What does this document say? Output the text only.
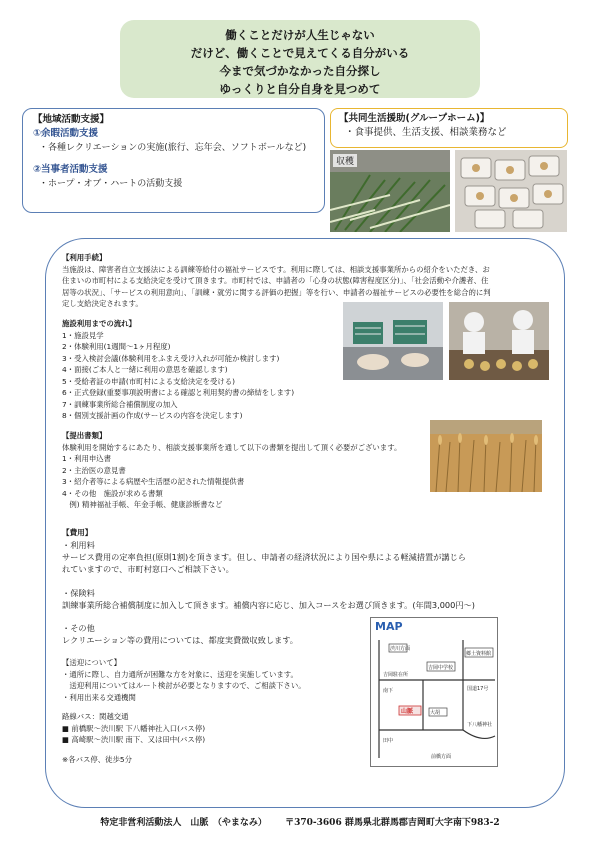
働くことだけが人生じゃない
だけど、働くことで見えてくる自分がいる
今まで気づかなかった自分探し
ゆっくりと自分自身を見つめて
【地域活動支援】
①余暇活動支援
・各種レクリエーションの実施(旅行、忘年会、ソフトボールなど)
②当事者活動支援
・ホープ・オブ・ハートの活動支援
【共同生活援助(グループホーム)】
・食事提供、生活支援、相談業務など
収穫
【利用手続】
当施設は、障害者自立支援法による訓練等給付の福祉サービスです。利用に際しては、相談支援事業所からの紹介をいただき、お
住まいの市町村による支給決定を受けて頂きます。市町村では、申請者の「心身の状態(障害程度区分)」、「社会活動や介護者、住
居等の状況」、「サービスの利用意向」、「訓練・就労に関する評価の把握」等を行い、申請者の福祉サービスの必要性を総合的に判
定し支給決定されます。
施設利用までの流れ】
1・施設見学
2・体験利用(1週間～1ヶ月程度)
3・受入検討会議(体験利用をふまえ受け入れが可能か検討します)
4・面接(ご本人と一緒に利用の意思を確認します)
5・受給者証の申請(市町村による支給決定を受ける)
6・正式登録(重要事項説明書による確認と利用契約書の締結をします)
7・訓練事業所総合補償制度の加入
8・個別支援計画の作成(サービスの内容を決定します)
【提出書類】
体験利用を開始するにあたり、相談支援事業所を通して以下の書類を提出して頂く必要がございます。
1・利用申込書
2・主治医の意見書
3・紹介者等による病歴や生活歴の記された情報提供書
4・その他　施設が求める書類
　例) 精神福祉手帳、年金手帳、健康診断書など
【費用】
・利用料
サービス費用の定率負担(原則1割)を頂きます。但し、申請者の経済状況により国や県による軽減措置が講じら
れていますので、市町村窓口へご相談下さい。
・保険料
訓練事業所総合補償制度に加入して頂きます。補償内容に応じ、加入コースをお選び頂きます。(年間3,000円～)
・その他
レクリエーション等の費用については、都度実費徴収致します。
【送迎について】
・通所に際し、自力通所が困難な方を対象に、送迎を実施しています。
　送迎利用についてはルート検討が必要となりますので、ご相談下さい。
・利用出来る交通機関
路線バス：関越交通
■ 前橋駅～渋川駅 下八幡神社入口(バス停)
■ 高崎駅～渋川駅 南下、又は田中(バス停)
※各バス停、徒歩5分
MAP
渋川方面
郷土資料館
吉岡中学校
吉岡駐在所
南下
山脈	大胡
下八幡神社
田中
前橋方面
国道17号
特定非営利活動法人　山脈　（やまなみ） 〒370-3606 群馬県北群馬郡吉岡町大字南下983-2
